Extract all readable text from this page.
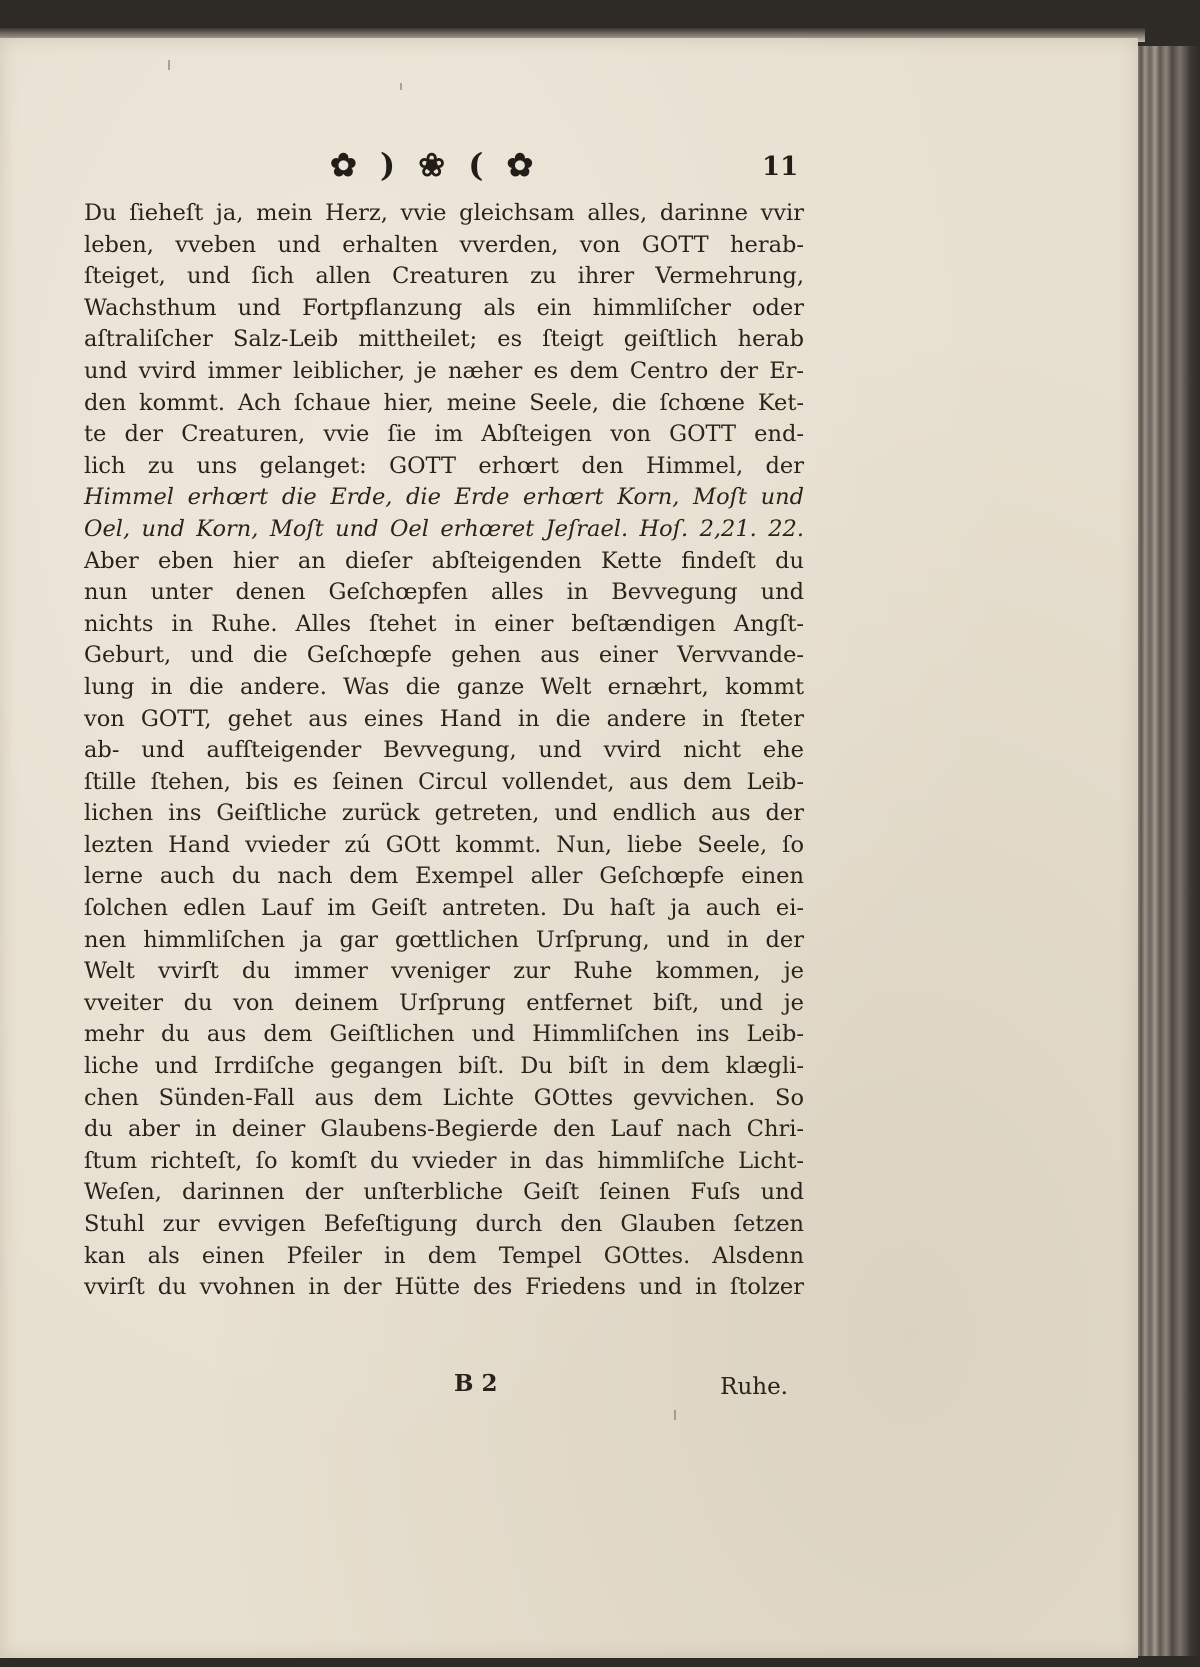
✿ ) ❀ ( ✿	11
Du ſieheſt ja, mein Herz, vvie gleichsam alles, darinne vvir
leben, vveben und erhalten vverden, von GOTT herab-
ſteiget, und ſich allen Creaturen zu ihrer Vermehrung,
Wachsthum und Fortpflanzung als ein himmliſcher oder
aſtraliſcher Salz-Leib mittheilet; es ſteigt geiſtlich herab
und vvird immer leiblicher, je næher es dem Centro der Er-
den kommt. Ach ſchaue hier, meine Seele, die ſchœne Ket-
te der Creaturen, vvie ſie im Abſteigen von GOTT end-
lich zu uns gelanget: GOTT erhœrt den Himmel, der
Himmel erhœrt die Erde, die Erde erhœrt Korn, Moſt und
Oel, und Korn, Moſt und Oel erhœret Jeſrael. Hoſ. 2,21. 22.
Aber eben hier an dieſer abſteigenden Kette findeſt du
nun unter denen Geſchœpfen alles in Bevvegung und
nichts in Ruhe. Alles ſtehet in einer beſtændigen Angſt-
Geburt, und die Geſchœpfe gehen aus einer Vervvande-
lung in die andere. Was die ganze Welt ernæhrt, kommt
von GOTT, gehet aus eines Hand in die andere in ſteter
ab- und aufſteigender Bevvegung, und vvird nicht ehe
ſtille ſtehen, bis es ſeinen Circul vollendet, aus dem Leib-
lichen ins Geiſtliche zurück getreten, und endlich aus der
lezten Hand vvieder zú GOtt kommt. Nun, liebe Seele, ſo
lerne auch du nach dem Exempel aller Geſchœpfe einen
ſolchen edlen Lauf im Geiſt antreten. Du haſt ja auch ei-
nen himmliſchen ja gar gœttlichen Urſprung, und in der
Welt vvirſt du immer vveniger zur Ruhe kommen, je
vveiter du von deinem Urſprung entfernet biſt, und je
mehr du aus dem Geiſtlichen und Himmliſchen ins Leib-
liche und Irrdiſche gegangen biſt. Du biſt in dem klægli-
chen Sünden-Fall aus dem Lichte GOttes gevvichen. So
du aber in deiner Glaubens-Begierde den Lauf nach Chri-
ſtum richteſt, ſo komſt du vvieder in das himmliſche Licht-
Weſen, darinnen der unſterbliche Geiſt ſeinen Fuſs und
Stuhl zur evvigen Befeſtigung durch den Glauben ſetzen
kan als einen Pfeiler in dem Tempel GOttes. Alsdenn
vvirſt du vvohnen in der Hütte des Friedens und in ſtolzer
B 2	Ruhe.
